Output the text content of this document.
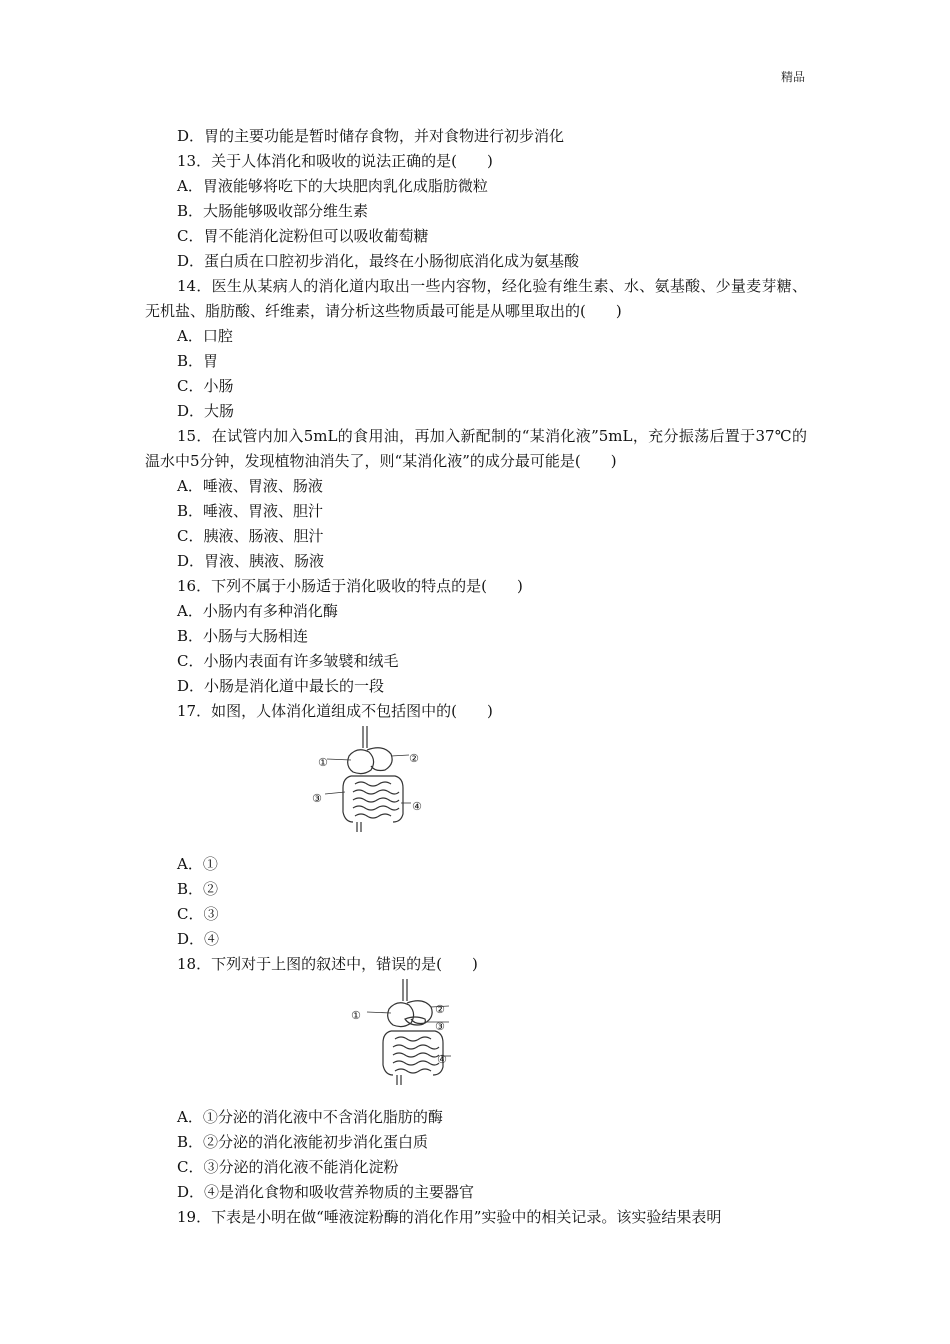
精品
D．胃的主要功能是暂时储存食物，并对食物进行初步消化
13．关于人体消化和吸收的说法正确的是(　　)
A．胃液能够将吃下的大块肥肉乳化成脂肪微粒
B．大肠能够吸收部分维生素
C．胃不能消化淀粉但可以吸收葡萄糖
D．蛋白质在口腔初步消化，最终在小肠彻底消化成为氨基酸
14．医生从某病人的消化道内取出一些内容物，经化验有维生素、水、氨基酸、少量麦芽糖、无机盐、脂肪酸、纤维素，请分析这些物质最可能是从哪里取出的(　　)
A．口腔
B．胃
C．小肠
D．大肠
15．在试管内加入5mL的食用油，再加入新配制的“某消化液”5mL，充分振荡后置于37℃的温水中5分钟，发现植物油消失了，则“某消化液”的成分最可能是(　　)
A．唾液、胃液、肠液
B．唾液、胃液、胆汁
C．胰液、肠液、胆汁
D．胃液、胰液、肠液
16．下列不属于小肠适于消化吸收的特点的是(　　)
A．小肠内有多种消化酶
B．小肠与大肠相连
C．小肠内表面有许多皱襞和绒毛
D．小肠是消化道中最长的一段
17．如图，人体消化道组成不包括图中的(　　)
①	②
③
④
A．①
B．②
C．③
D．④
18．下列对于上图的叙述中，错误的是(　　)
①	②
③
④
A．①分泌的消化液中不含消化脂肪的酶
B．②分泌的消化液能初步消化蛋白质
C．③分泌的消化液不能消化淀粉
D．④是消化食物和吸收营养物质的主要器官
19．下表是小明在做“唾液淀粉酶的消化作用”实验中的相关记录。该实验结果表明
